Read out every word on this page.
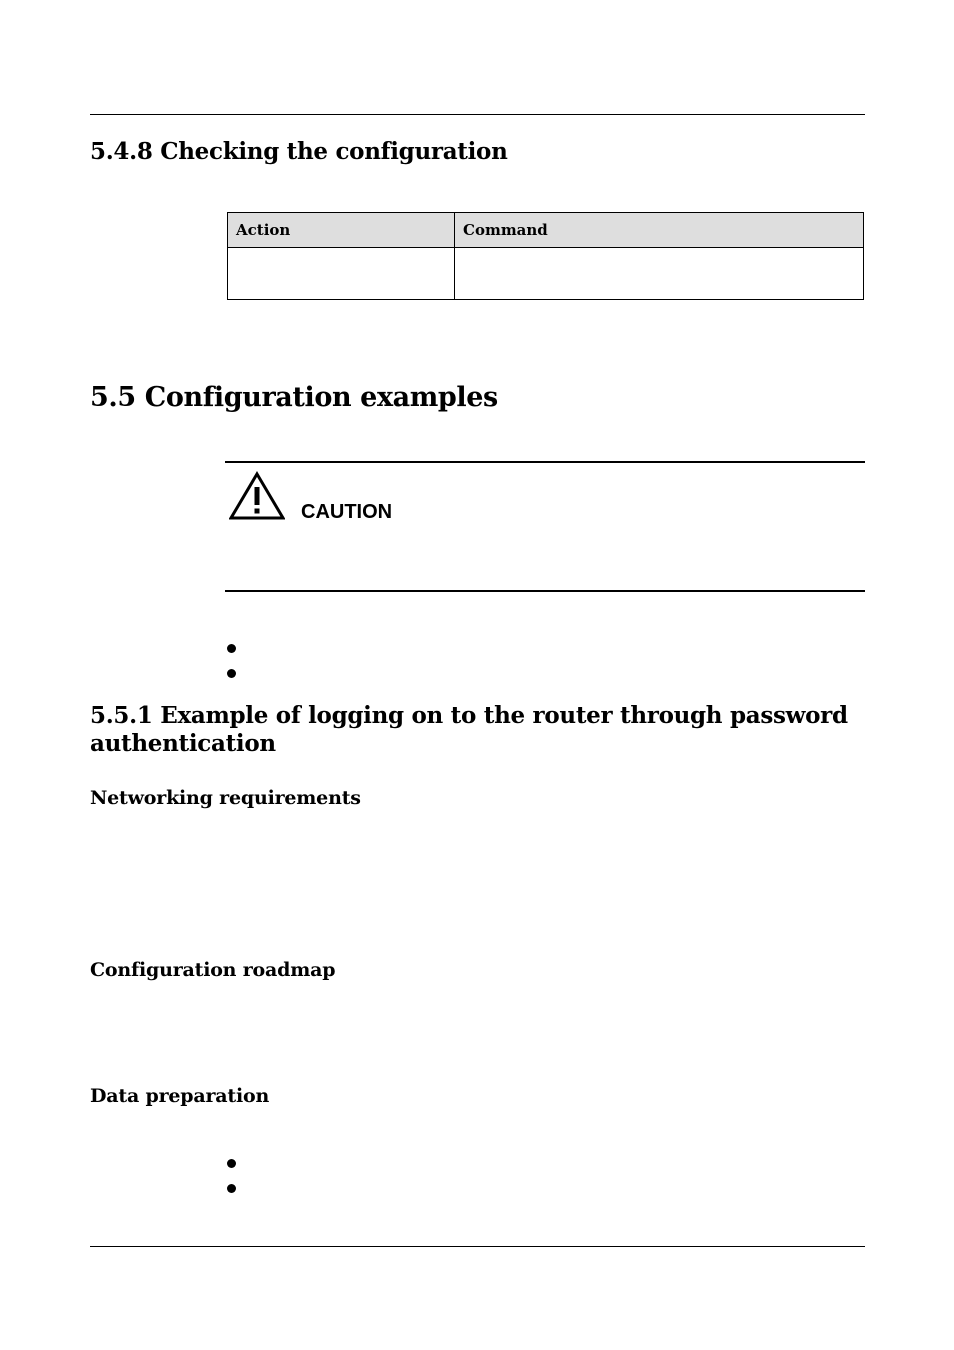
5.4.8 Checking the configuration
Action	Command

5.5 Configuration examples
CAUTION
5.5.1 Example of logging on to the router through password
authentication
Networking requirements
Configuration roadmap
Data preparation
